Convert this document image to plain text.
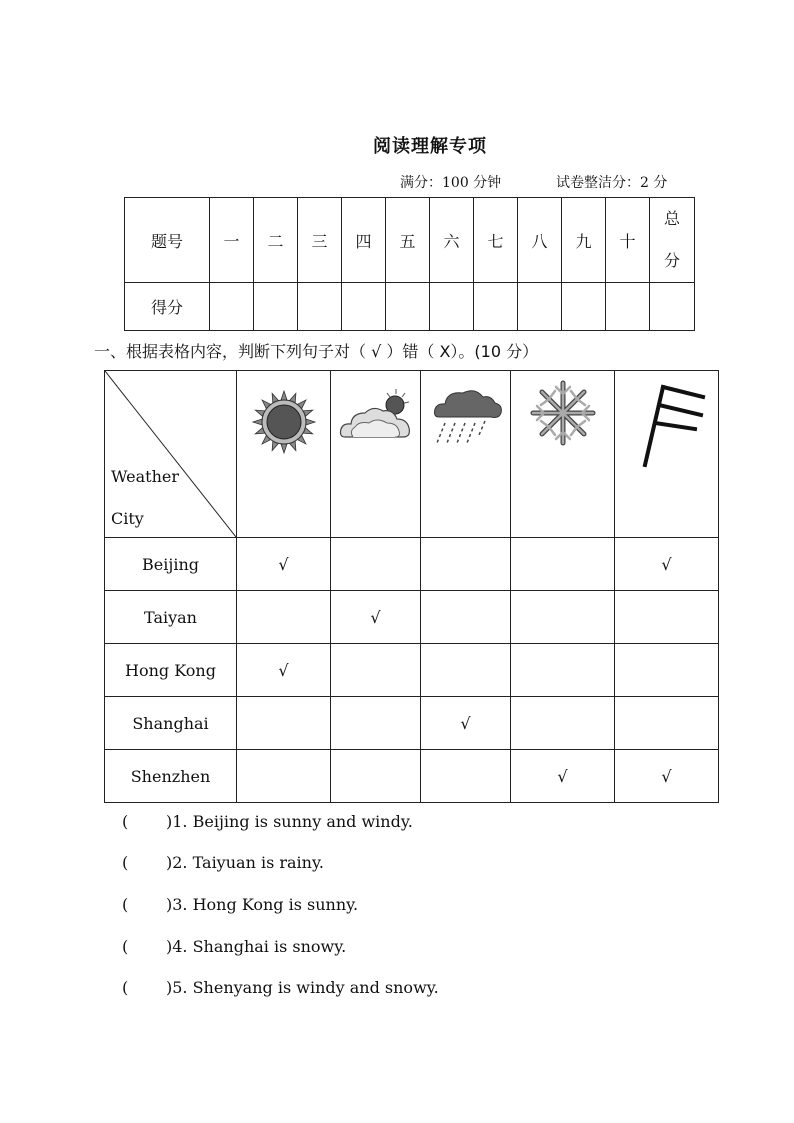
阅读理解专项
满分：100 分钟	试卷整洁分：2 分
题号	一	二	三	四	五	六	七	八	九	十	总
分

得分											
一、根据表格内容，判断下列句子对（ √ ）错（ X）。(10 分）
Weather
City

Beijing	√				√
Taiyan		√			
Hong Kong	√				
Shanghai			√		
Shenzhen				√	√
( )1. Beijing is sunny and windy.
( )2. Taiyuan is rainy.
( )3. Hong Kong is sunny.
( )4. Shanghai is snowy.
( )5. Shenyang is windy and snowy.
